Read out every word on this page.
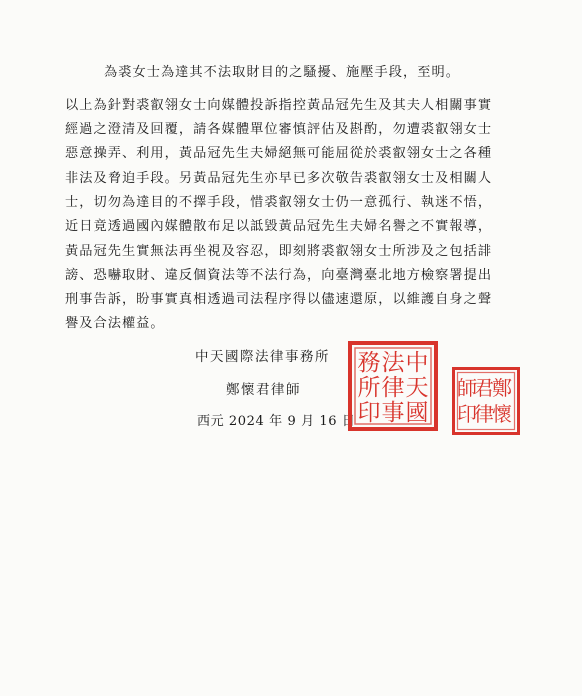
為裘女士為達其不法取財目的之騷擾、施壓手段，至明。
以上為針對裘叡翎女士向媒體投訴指控黃品冠先生及其夫人相關事實
經過之澄清及回覆，請各媒體單位審慎評估及斟酌，勿遭裘叡翎女士
惡意操弄、利用，黃品冠先生夫婦絕無可能屈從於裘叡翎女士之各種
非法及脅迫手段。另黃品冠先生亦早已多次敬告裘叡翎女士及相關人
士，切勿為達目的不擇手段，惜裘叡翎女士仍一意孤行、執迷不悟，
近日竟透過國內媒體散布足以詆毀黃品冠先生夫婦名譽之不實報導，
黃品冠先生實無法再坐視及容忍，即刻將裘叡翎女士所涉及之包括誹
謗、恐嚇取財、違反個資法等不法行為，向臺灣臺北地方檢察署提出
刑事告訴，盼事實真相透過司法程序得以儘速還原，以維護自身之聲
譽及合法權益。
中天國際法律事務所
鄭懷君律師
西元 2024 年 9 月 16 日
中
天
國
法
律
事
務
所
印
鄭
懷
君
律
師
印
